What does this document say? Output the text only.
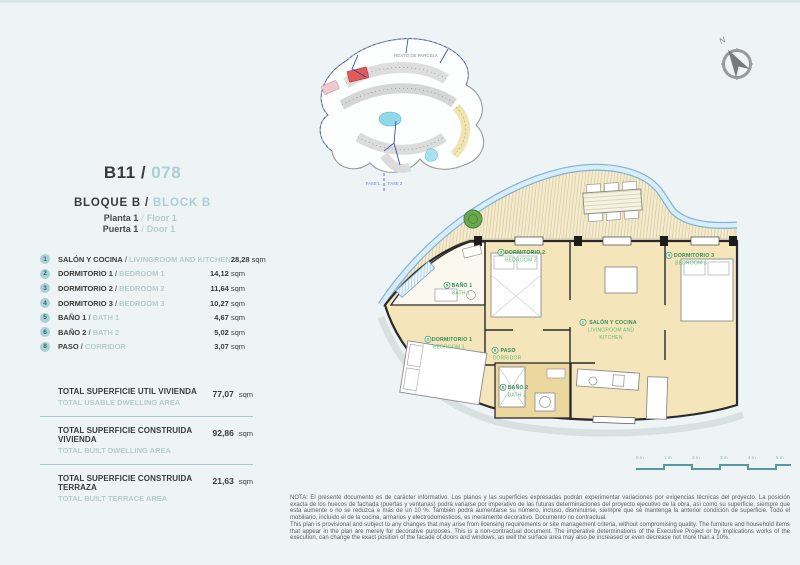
B11 / 078
BLOQUE B / BLOCK B
Planta 1 / Floor 1
Puerta 1 / Door 1
1	SALÓN Y COCINA / LIVINGROOM AND KITCHEN 28,28 sqm
2	DORMITORIO 1 / BEDROOM 1	14,12 sqm
3	DORMITORIO 2 / BEDROOM 2	11,64 sqm
4	DORMITORIO 3 / BEDROOM 3	10,27 sqm
5	BAÑO 1 / BATH 1	4,67 sqm
6	BAÑO 2 / BATH 2	5,02 sqm
8	PASO / CORRIDOR	3,07 sqm
TOTAL SUPERFICIE UTIL VIVIENDA
TOTAL USABLE DWELLING AREA
77,07 sqm
TOTAL SUPERFICIE CONSTRUIDA VIVIENDA
TOTAL BUILT DWELLING AREA
92,86 sqm
TOTAL SUPERFICIE CONSTRUIDA TERRAZA
TOTAL BUILT TERRACE AREA
21,63 sqm
RESTO DE PARCELA
FASE 1 FASE 2
N
3 DORMITORIO 2
BEDROOM 2
4 DORMITORIO 3
BEDROOM 3
5 BAÑO 1
BATH 1
2 DORMITORIO 1
BEDROOM 1
8 PASO
CORRIDOR
6 BAÑO 2
BATH 2
1 SALÓN Y COCINA
LIVINGROOM AND
KITCHEN
0 m	1 m	2 m	3 m	4 m	5 m

NOTA: El presente documento es de carácter informativo. Los planos y las superficies expresadas podrán experimentar variaciones por exigencias técnicas del proyecto. La posición exacta de los huecos de fachada (puertas y ventanas) podrá variarse por imperativo de las futuras determinaciones del proyecto ejecutivo de la obra, así como su superficie, siempre que esta aumente o no se reduzca e más de un 10 %. También podrá aumentarse su número, incluso, disminuirse, siempre que se mantenga la anterior condición de superficie. Todo el mobiliario, incluido el de la cocina, armarios y electrodomésticos, es meramente decorativo. Documento no contractual.

This plan is provisional and subject to any changes that may arise from licensing requirements or site management criteria, without compromising quality. The furniture and household items that appear in the plan are merely for decorative purposes. This is a non-contractual document. The imperative determinations of the Executive Project or by implications works of the execution, can change the exact position of the facade of doors and windows, as well the surface area may also be increased or even decrease not more than a 10%.
